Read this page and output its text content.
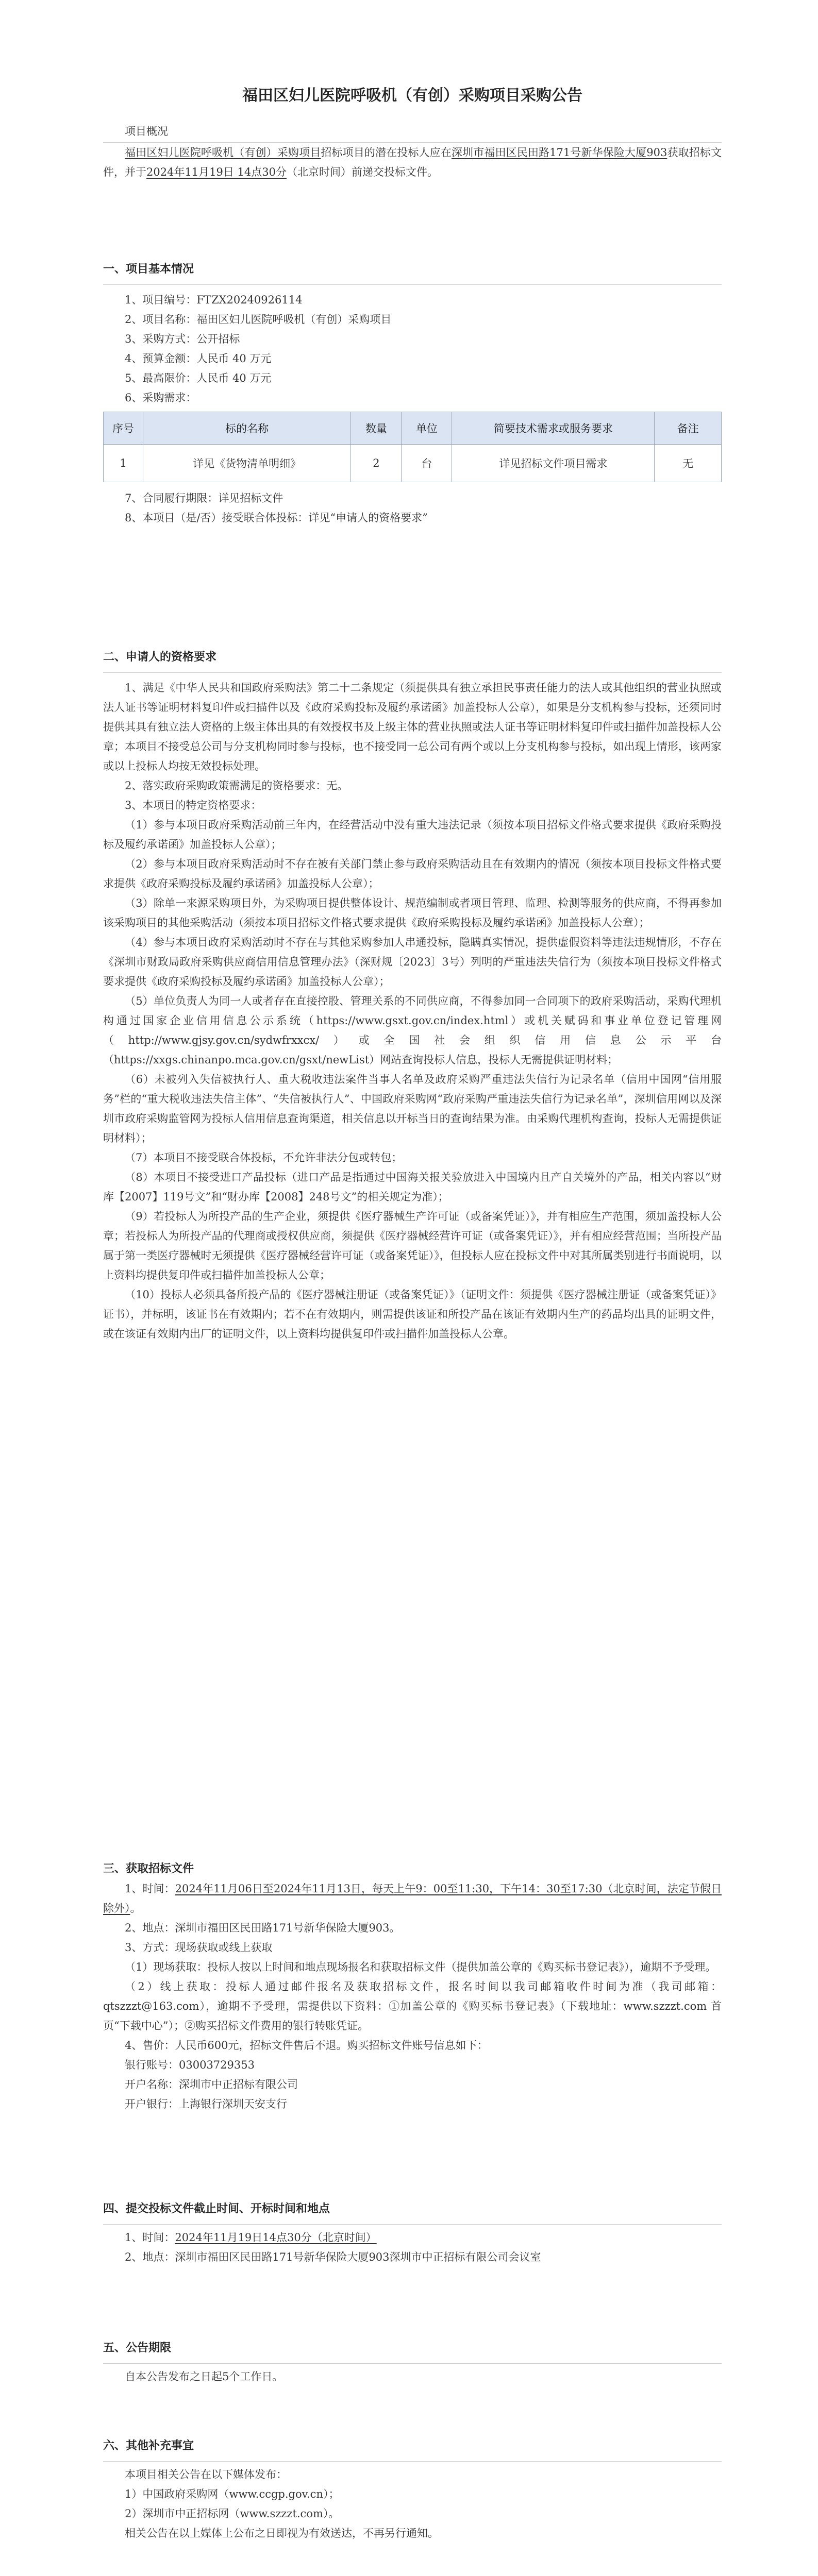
福田区妇儿医院呼吸机（有创）采购项目采购公告

项目概况

福田区妇儿医院呼吸机（有创）采购项目招标项目的潜在投标人应在深圳市福田区民田路171号新华保险大厦903获取招标文件，并于2024年11月19日 14点30分（北京时间）前递交投标文件。

一、项目基本情况

1、项目编号：FTZX20240926114

2、项目名称：福田区妇儿医院呼吸机（有创）采购项目

3、采购方式：公开招标

4、预算金额：人民币 40 万元

5、最高限价：人民币 40 万元

6、采购需求：

序号	标的名称	数量	单位	简要技术需求或服务要求	备注
1	详见《货物清单明细》	2	台	详见招标文件项目需求	无

7、合同履行期限：详见招标文件

8、本项目（是/否）接受联合体投标：详见“申请人的资格要求”

二、申请人的资格要求

1、满足《中华人民共和国政府采购法》第二十二条规定（须提供具有独立承担民事责任能力的法人或其他组织的营业执照或法人证书等证明材料复印件或扫描件以及《政府采购投标及履约承诺函》加盖投标人公章），如果是分支机构参与投标，还须同时提供其具有独立法人资格的上级主体出具的有效授权书及上级主体的营业执照或法人证书等证明材料复印件或扫描件加盖投标人公章；本项目不接受总公司与分支机构同时参与投标，也不接受同一总公司有两个或以上分支机构参与投标，如出现上情形，该两家或以上投标人均按无效投标处理。

2、落实政府采购政策需满足的资格要求：无。

3、本项目的特定资格要求：

（1）参与本项目政府采购活动前三年内，在经营活动中没有重大违法记录（须按本项目招标文件格式要求提供《政府采购投标及履约承诺函》加盖投标人公章）；

（2）参与本项目政府采购活动时不存在被有关部门禁止参与政府采购活动且在有效期内的情况（须按本项目投标文件格式要求提供《政府采购投标及履约承诺函》加盖投标人公章）；

（3）除单一来源采购项目外，为采购项目提供整体设计、规范编制或者项目管理、监理、检测等服务的供应商，不得再参加该采购项目的其他采购活动（须按本项目招标文件格式要求提供《政府采购投标及履约承诺函》加盖投标人公章）；

（4）参与本项目政府采购活动时不存在与其他采购参加人串通投标，隐瞒真实情况，提供虚假资料等违法违规情形，不存在《深圳市财政局政府采购供应商信用信息管理办法》（深财规〔2023〕3号）列明的严重违法失信行为（须按本项目投标文件格式要求提供《政府采购投标及履约承诺函》加盖投标人公章）；

（5）单位负责人为同一人或者存在直接控股、管理关系的不同供应商，不得参加同一合同项下的政府采购活动，采购代理机构通过国家企业信用信息公示系统（https://www.gsxt.gov.cn/index.html）或机关赋码和事业单位登记管理网（http://www.gjsy.gov.cn/sydwfrxxcx/）或全国社会组织信用信息公示平台（https://xxgs.chinanpo.mca.gov.cn/gsxt/newList）网站查询投标人信息，投标人无需提供证明材料；

（6）未被列入失信被执行人、重大税收违法案件当事人名单及政府采购严重违法失信行为记录名单（信用中国网“信用服务”栏的“重大税收违法失信主体”、“失信被执行人”、中国政府采购网“政府采购严重违法失信行为记录名单”，深圳信用网以及深圳市政府采购监管网为投标人信用信息查询渠道，相关信息以开标当日的查询结果为准。由采购代理机构查询，投标人无需提供证明材料）；

（7）本项目不接受联合体投标，不允许非法分包或转包；

（8）本项目不接受进口产品投标（进口产品是指通过中国海关报关验放进入中国境内且产自关境外的产品，相关内容以“财库【2007】119号文”和“财办库【2008】248号文”的相关规定为准）；

（9）若投标人为所投产品的生产企业，须提供《医疗器械生产许可证（或备案凭证）》，并有相应生产范围，须加盖投标人公章；若投标人为所投产品的代理商或授权供应商，须提供《医疗器械经营许可证（或备案凭证）》，并有相应经营范围；当所投产品属于第一类医疗器械时无须提供《医疗器械经营许可证（或备案凭证）》，但投标人应在投标文件中对其所属类别进行书面说明，以上资料均提供复印件或扫描件加盖投标人公章；

（10）投标人必须具备所投产品的《医疗器械注册证（或备案凭证）》（证明文件：须提供《医疗器械注册证（或备案凭证）》证书），并标明，该证书在有效期内；若不在有效期内，则需提供该证和所投产品在该证有效期内生产的药品均出具的证明文件，或在该证有效期内出厂的证明文件，以上资料均提供复印件或扫描件加盖投标人公章。

三、获取招标文件

1、时间：2024年11月06日至2024年11月13日，每天上午9：00至11:30，下午14：30至17:30（北京时间，法定节假日除外）。

2、地点：深圳市福田区民田路171号新华保险大厦903。

3、方式：现场获取或线上获取

（1）现场获取：投标人按以上时间和地点现场报名和获取招标文件（提供加盖公章的《购买标书登记表》），逾期不予受理。

（2）线上获取：投标人通过邮件报名及获取招标文件，报名时间以我司邮箱收件时间为准（我司邮箱：qtszzzt@163.com），逾期不予受理，需提供以下资料：①加盖公章的《购买标书登记表》（下载地址：www.szzzt.com 首页“下载中心”）；②购买招标文件费用的银行转账凭证。

4、售价：人民币600元，招标文件售后不退。购买招标文件账号信息如下：

银行账号：03003729353

开户名称：深圳市中正招标有限公司

开户银行：上海银行深圳天安支行

四、提交投标文件截止时间、开标时间和地点

1、时间：2024年11月19日14点30分（北京时间）

2、地点：深圳市福田区民田路171号新华保险大厦903深圳市中正招标有限公司会议室

五、公告期限

自本公告发布之日起5个工作日。

六、其他补充事宜

本项目相关公告在以下媒体发布：

1）中国政府采购网（www.ccgp.gov.cn）；

2）深圳市中正招标网（www.szzzt.com）。

相关公告在以上媒体上公布之日即视为有效送达，不再另行通知。
